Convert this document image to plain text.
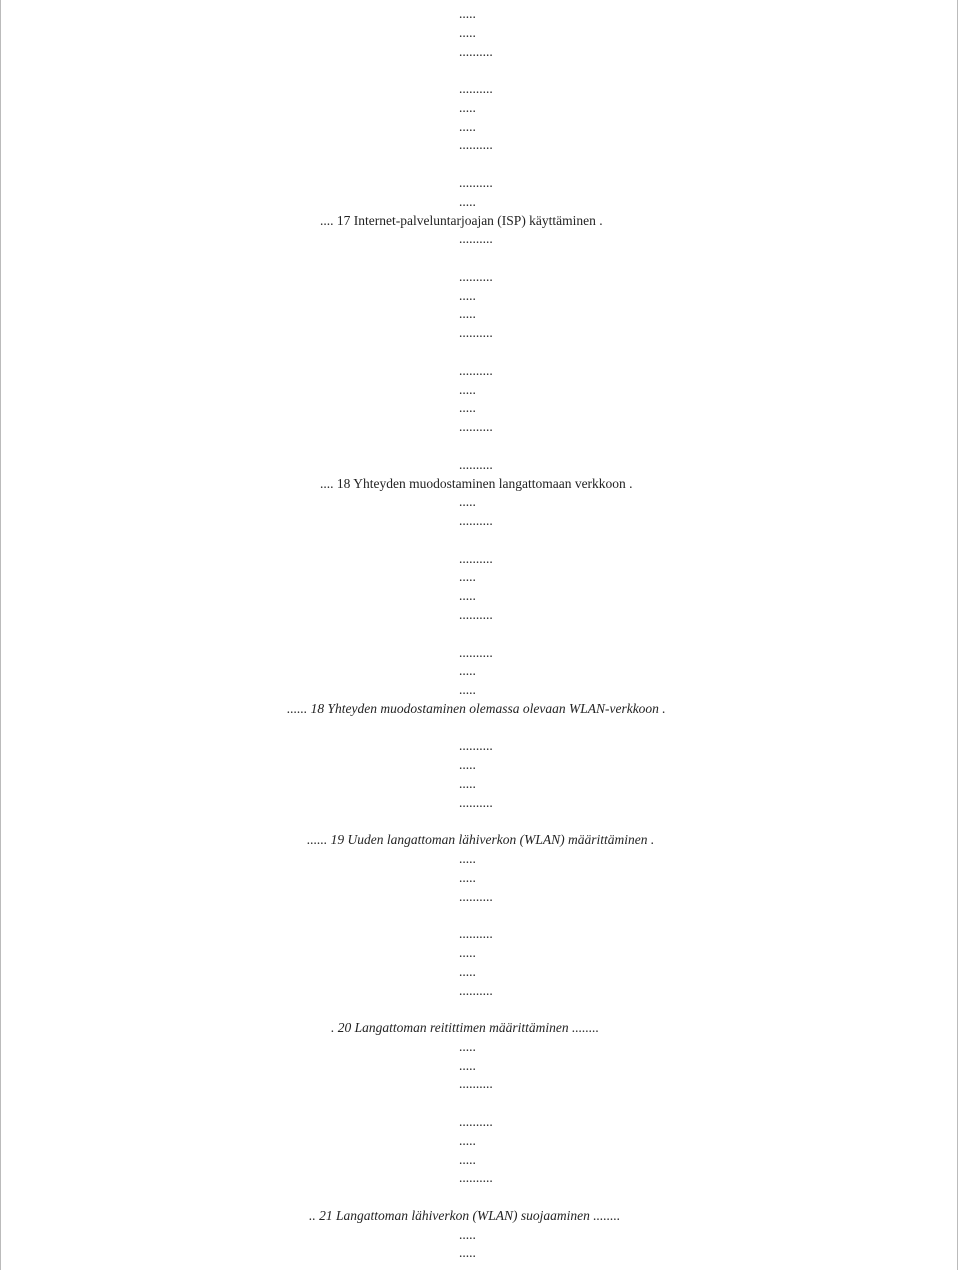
.....
.....
..........
..........
.....
.....
..........
..........
.....
.... 17 Internet-palveluntarjoajan (ISP) käyttäminen .
..........
..........
.....
.....
..........
..........
.....
.....
..........
..........
.... 18 Yhteyden muodostaminen langattomaan verkkoon .
.....
..........
..........
.....
.....
..........
..........
.....
.....
...... 18 Yhteyden muodostaminen olemassa olevaan WLAN-verkkoon .
..........
.....
.....
..........
...... 19 Uuden langattoman lähiverkon (WLAN) määrittäminen .
.....
.....
..........
..........
.....
.....
..........
. 20 Langattoman reitittimen määrittäminen ........
.....
.....
..........
..........
.....
.....
..........
.. 21 Langattoman lähiverkon (WLAN) suojaaminen ........
.....
.....
